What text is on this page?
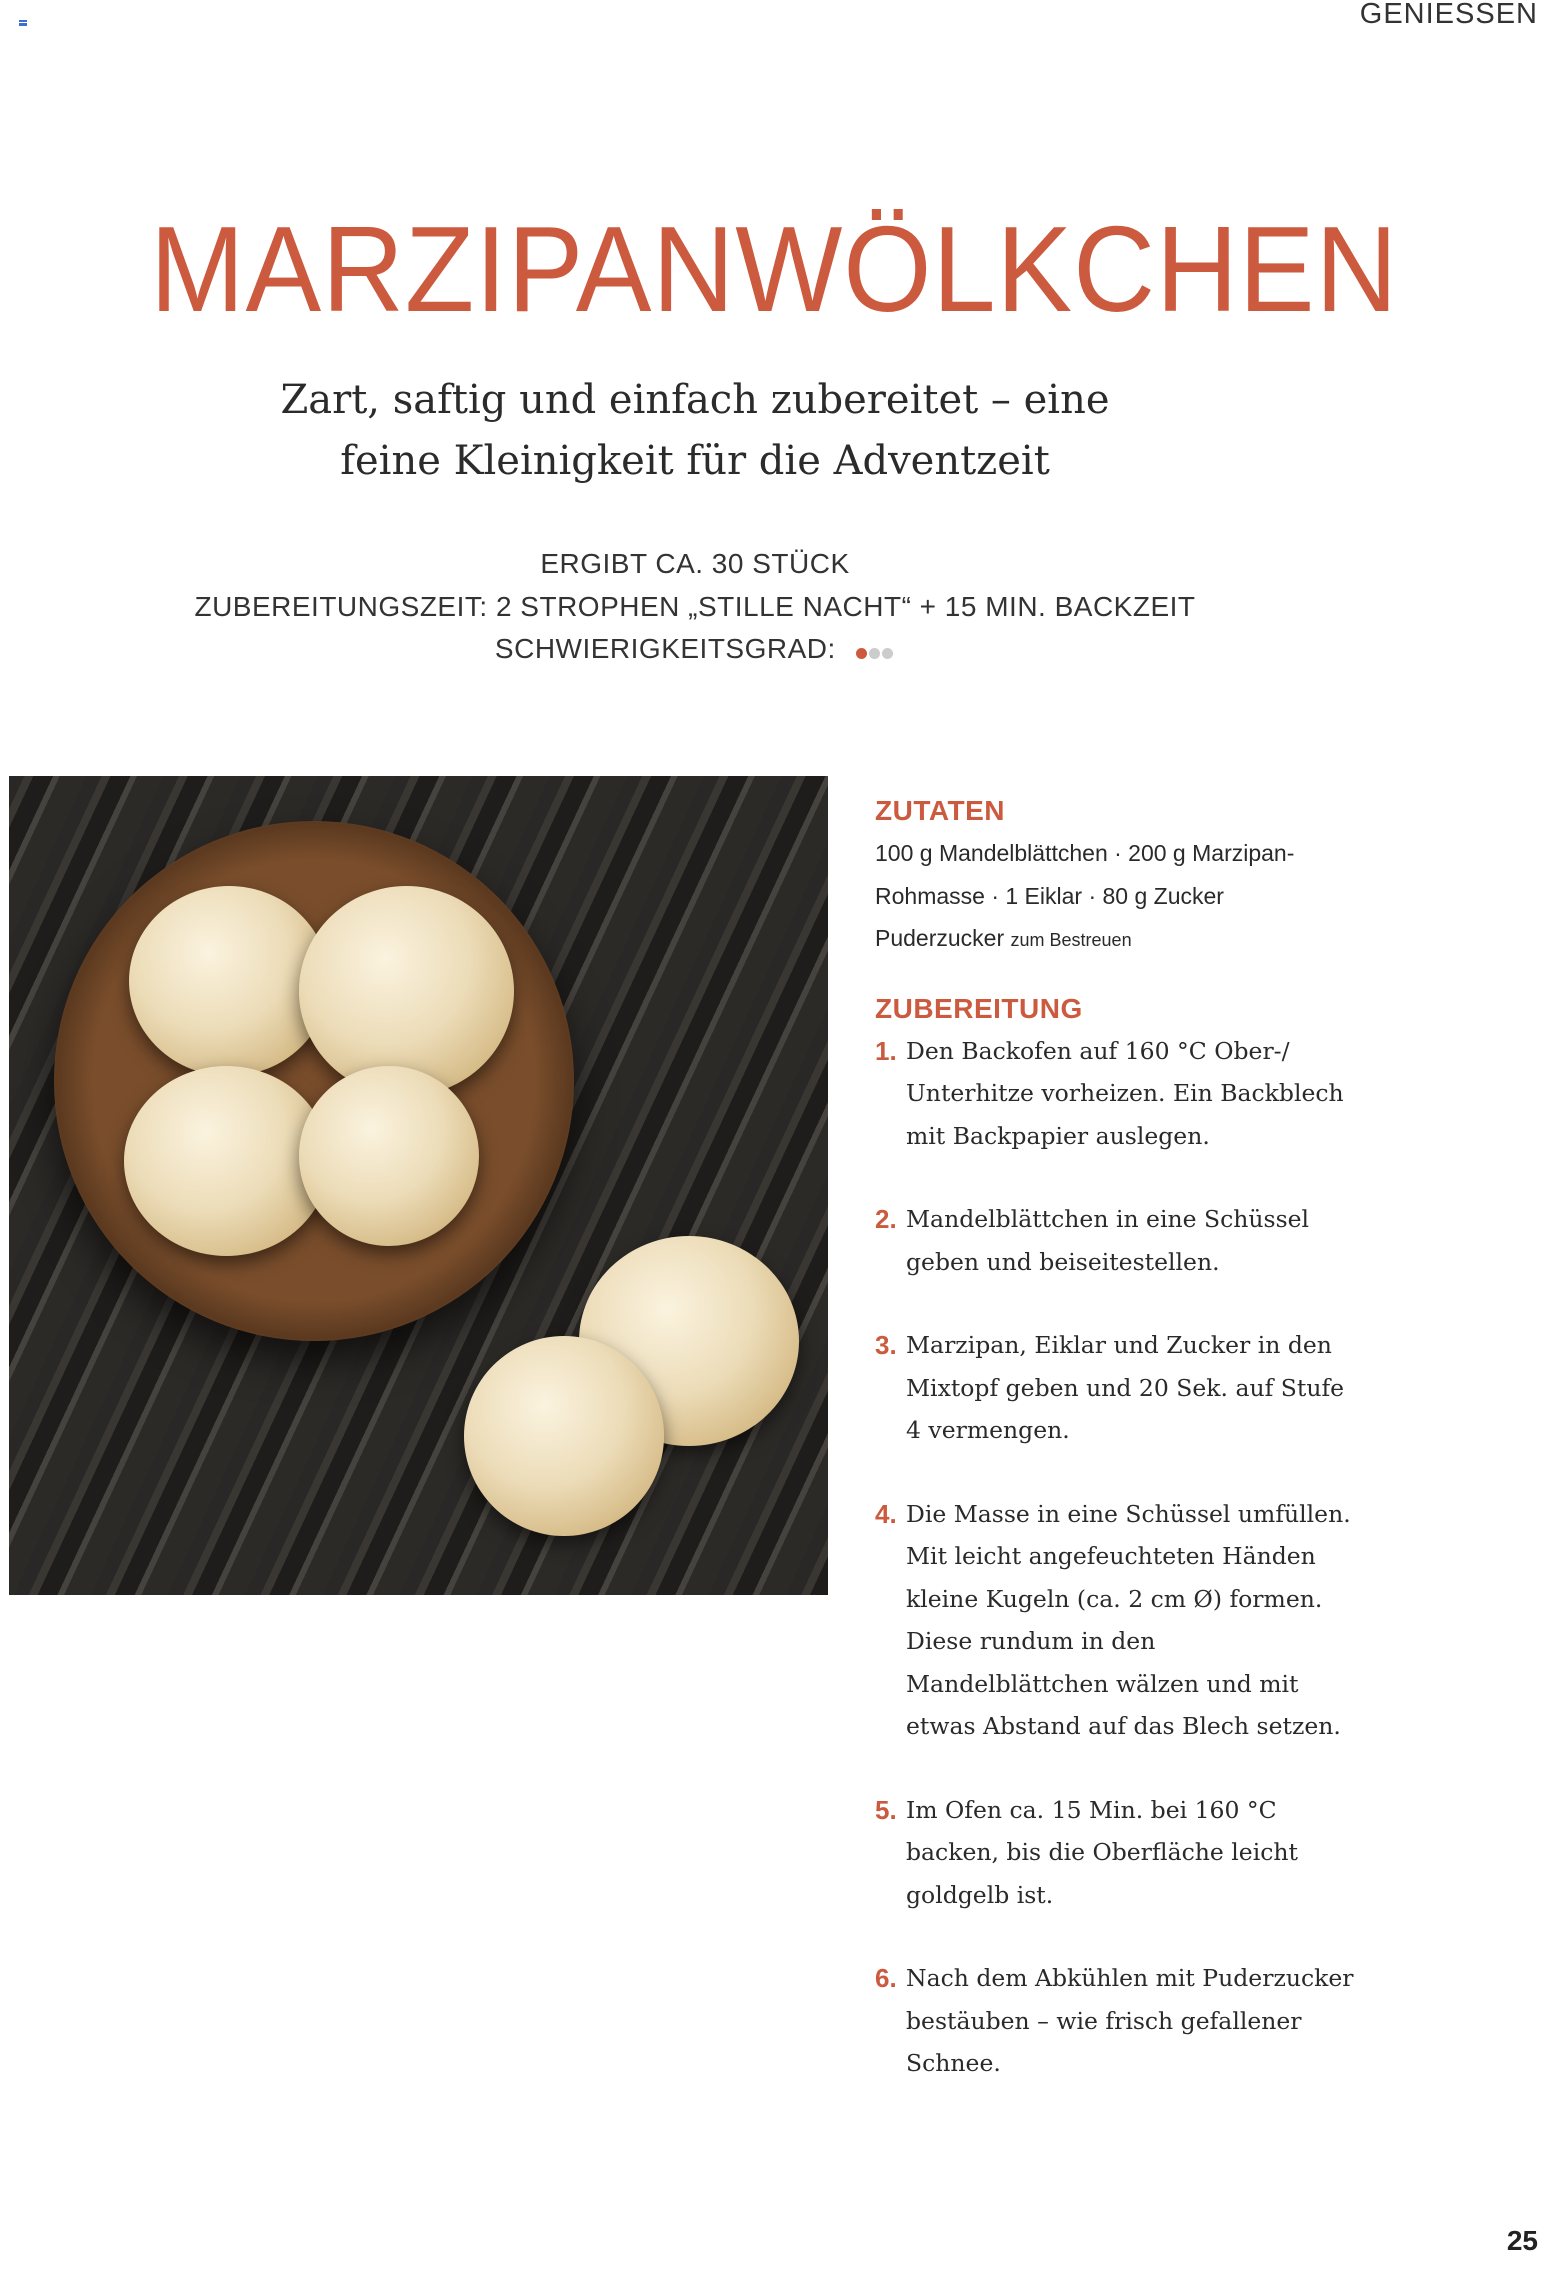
GENIESSEN
MARZIPANWÖLKCHEN
Zart, saftig und einfach zubereitet – eine
feine Kleinigkeit für die Adventzeit
ERGIBT CA. 30 STÜCK
ZUBEREITUNGSZEIT: 2 STROPHEN „STILLE NACHT“ + 15 MIN. BACKZEIT
SCHWIERIGKEITSGRAD:
ZUTATEN
100 g Mandelblättchen · 200 g Marzipan-
Rohmasse · 1 Eiklar · 80 g Zucker
Puderzucker zum Bestreuen
ZUBEREITUNG
1. Den Backofen auf 160 °C Ober-/ Unterhitze vorheizen. Ein Backblech mit Backpapier auslegen.
2. Mandelblättchen in eine Schüssel geben und beiseitestellen.
3. Marzipan, Eiklar und Zucker in den Mixtopf geben und 20 Sek. auf Stufe 4 vermengen.
4. Die Masse in eine Schüssel umfüllen. Mit leicht angefeuchteten Händen kleine Kugeln (ca. 2 cm Ø) formen. Diese rundum in den Mandelblättchen wälzen und mit etwas Abstand auf das Blech setzen.
5. Im Ofen ca. 15 Min. bei 160 °C backen, bis die Oberfläche leicht goldgelb ist.
6. Nach dem Abkühlen mit Puderzucker bestäuben – wie frisch gefallener Schnee.
25
